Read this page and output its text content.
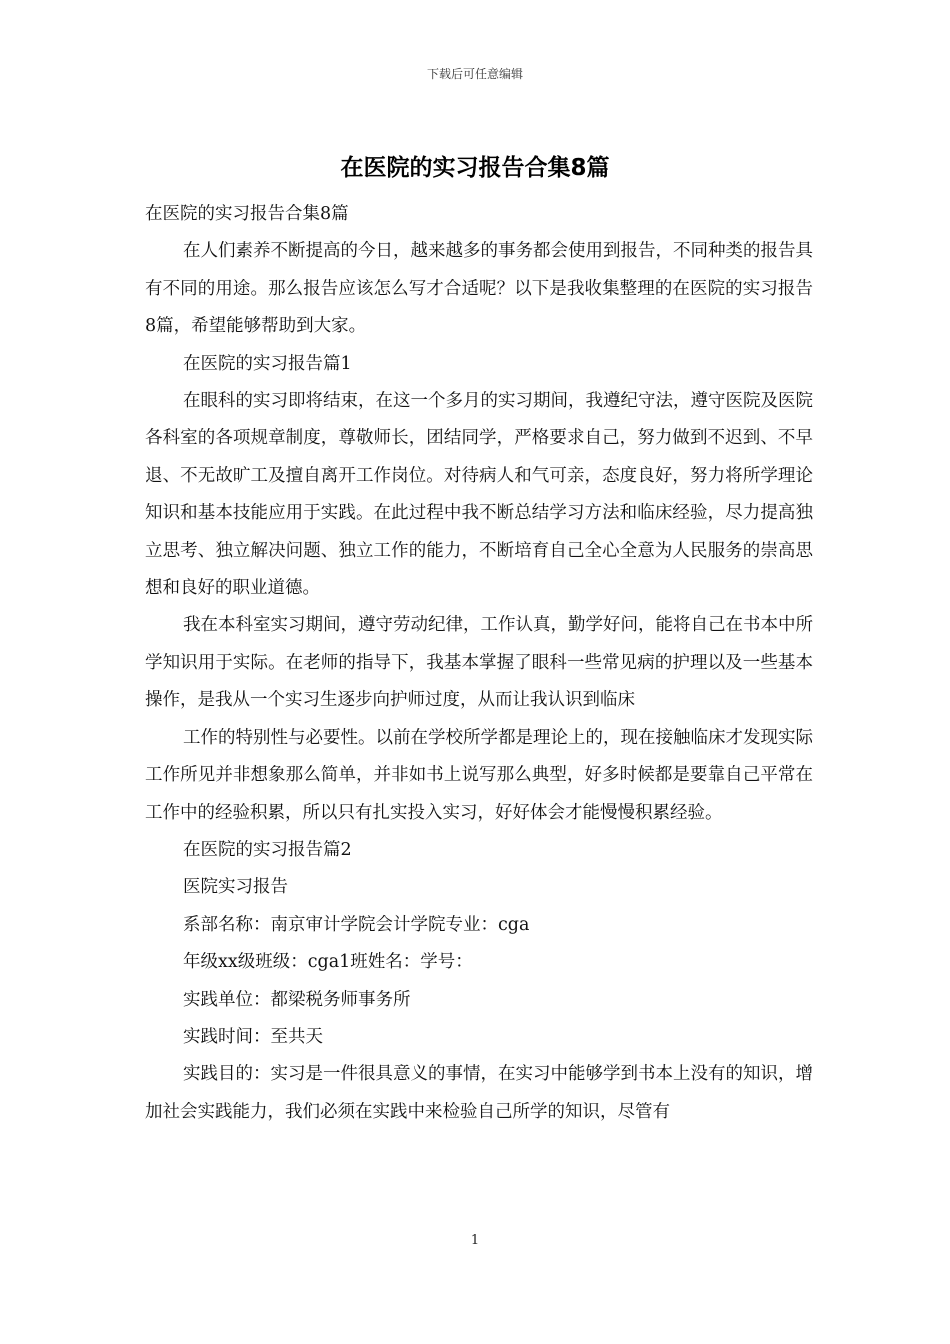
下载后可任意编辑
在医院的实习报告合集8篇

在医院的实习报告合集8篇

在人们素养不断提高的今日，越来越多的事务都会使用到报告，不同种类的报告具有不同的用途。那么报告应该怎么写才合适呢？以下是我收集整理的在医院的实习报告8篇，希望能够帮助到大家。

在医院的实习报告篇1

在眼科的实习即将结束，在这一个多月的实习期间，我遵纪守法，遵守医院及医院各科室的各项规章制度，尊敬师长，团结同学，严格要求自己，努力做到不迟到、不早退、不无故旷工及擅自离开工作岗位。对待病人和气可亲，态度良好，努力将所学理论知识和基本技能应用于实践。在此过程中我不断总结学习方法和临床经验，尽力提高独立思考、独立解决问题、独立工作的能力，不断培育自己全心全意为人民服务的崇高思想和良好的职业道德。

我在本科室实习期间，遵守劳动纪律，工作认真，勤学好问，能将自己在书本中所学知识用于实际。在老师的指导下，我基本掌握了眼科一些常见病的护理以及一些基本操作，是我从一个实习生逐步向护师过度，从而让我认识到临床

工作的特别性与必要性。以前在学校所学都是理论上的，现在接触临床才发现实际工作所见并非想象那么简单，并非如书上说写那么典型，好多时候都是要靠自己平常在工作中的经验积累，所以只有扎实投入实习，好好体会才能慢慢积累经验。

在医院的实习报告篇2

医院实习报告

系部名称：南京审计学院会计学院专业：cga

年级xx级班级：cga1班姓名：学号：

实践单位：都梁税务师事务所

实践时间：至共天

实践目的：实习是一件很具意义的事情，在实习中能够学到书本上没有的知识，增加社会实践能力，我们必须在实践中来检验自己所学的知识，尽管有

1
